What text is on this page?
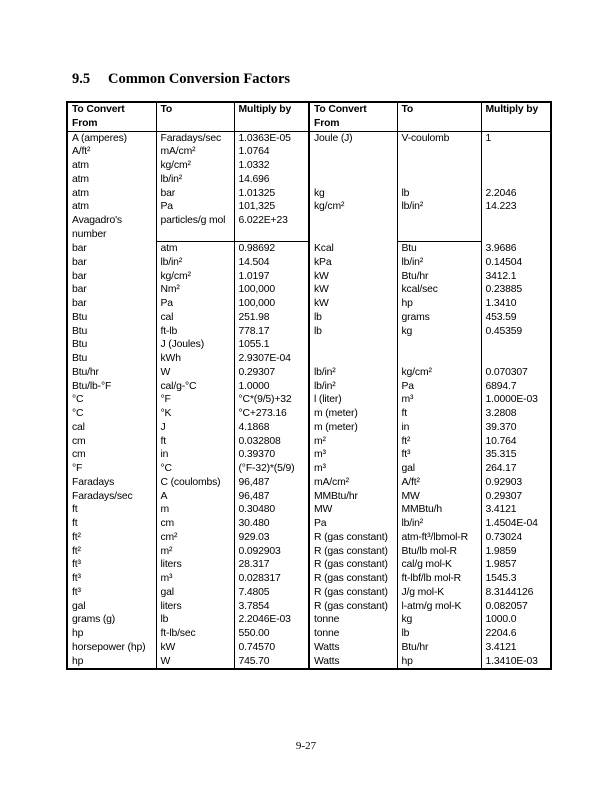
9.5 Common Conversion Factors
To Convert From	To	Multiply by	To Convert From	To	Multiply by
A (amperes)	Faradays/sec	1.0363E-05	Joule (J)	V-coulomb	1
A/ft²	mA/cm²	1.0764			
atm	kg/cm²	1.0332			
atm	lb/in²	14.696			
atm	bar	1.01325	kg	lb	2.2046
atm	Pa	101,325	kg/cm²	lb/in²	14.223
Avagadro's number	particles/g mol	6.022E+23			
bar	atm	0.98692	Kcal	Btu	3.9686
bar	lb/in²	14.504	kPa	lb/in²	0.14504
bar	kg/cm²	1.0197	kW	Btu/hr	3412.1
bar	Nm²	100,000	kW	kcal/sec	0.23885
bar	Pa	100,000	kW	hp	1.3410
Btu	cal	251.98	lb	grams	453.59
Btu	ft-lb	778.17	lb	kg	0.45359
Btu	J (Joules)	1055.1			
Btu	kWh	2.9307E-04			
Btu/hr	W	0.29307	lb/in²	kg/cm²	0.070307
Btu/lb-°F	cal/g-°C	1.0000	lb/in²	Pa	6894.7
°C	°F	°C*(9/5)+32	l (liter)	m³	1.0000E-03
°C	°K	°C+273.16	m (meter)	ft	3.2808
cal	J	4.1868	m (meter)	in	39.370
cm	ft	0.032808	m²	ft²	10.764
cm	in	0.39370	m³	ft³	35.315
°F	°C	(°F-32)*(5/9)	m³	gal	264.17
Faradays	C (coulombs)	96,487	mA/cm²	A/ft²	0.92903
Faradays/sec	A	96,487	MMBtu/hr	MW	0.29307
ft	m	0.30480	MW	MMBtu/h	3.4121
ft	cm	30.480	Pa	lb/in²	1.4504E-04
ft²	cm²	929.03	R (gas constant)	atm-ft³/lbmol-R	0.73024
ft²	m²	0.092903	R (gas constant)	Btu/lb mol-R	1.9859
ft³	liters	28.317	R (gas constant)	cal/g mol-K	1.9857
ft³	m³	0.028317	R (gas constant)	ft-lbf/lb mol-R	1545.3
ft³	gal	7.4805	R (gas constant)	J/g mol-K	8.3144126
gal	liters	3.7854	R (gas constant)	l-atm/g mol-K	0.082057
grams (g)	lb	2.2046E-03	tonne	kg	1000.0
hp	ft-lb/sec	550.00	tonne	lb	2204.6
horsepower (hp)	kW	0.74570	Watts	Btu/hr	3.4121
hp	W	745.70	Watts	hp	1.3410E-03
9-27
